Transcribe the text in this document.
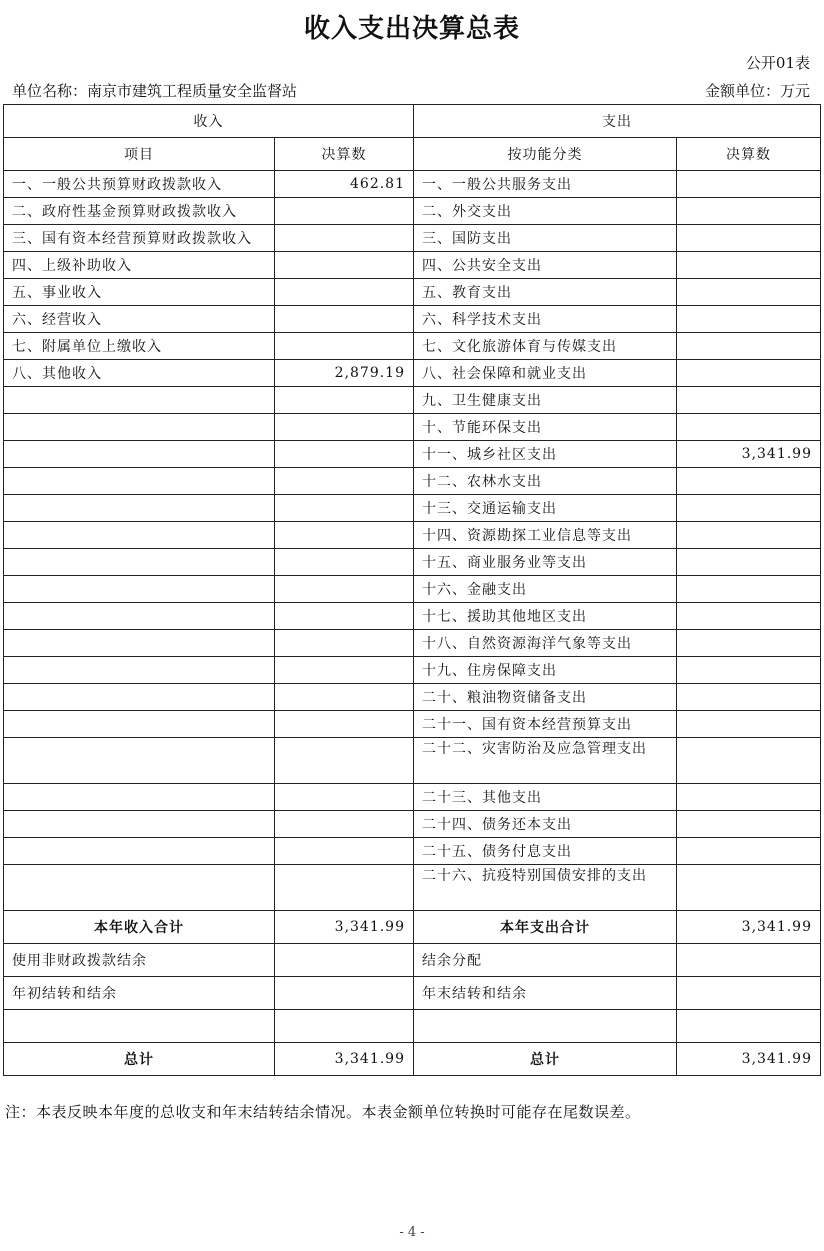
收入支出决算总表
公开01表
单位名称：南京市建筑工程质量安全监督站	金额单位：万元
收入		支出	
项目	决算数	按功能分类	决算数
一、一般公共预算财政拨款收入	462.81	一、一般公共服务支出	
二、政府性基金预算财政拨款收入		二、外交支出	
三、国有资本经营预算财政拨款收入		三、国防支出	
四、上级补助收入		四、公共安全支出	
五、事业收入		五、教育支出	
六、经营收入		六、科学技术支出	
七、附属单位上缴收入		七、文化旅游体育与传媒支出	
八、其他收入	2,879.19	八、社会保障和就业支出	
		九、卫生健康支出	
		十、节能环保支出	
		十一、城乡社区支出	3,341.99
		十二、农林水支出	
		十三、交通运输支出	
		十四、资源勘探工业信息等支出	
		十五、商业服务业等支出	
		十六、金融支出	
		十七、援助其他地区支出	
		十八、自然资源海洋气象等支出	
		十九、住房保障支出	
		二十、粮油物资储备支出	
		二十一、国有资本经营预算支出	
		二十二、灾害防治及应急管理支出	
		二十三、其他支出	
		二十四、债务还本支出	
		二十五、债务付息支出	
		二十六、抗疫特别国债安排的支出	
本年收入合计	3,341.99	本年支出合计	3,341.99
使用非财政拨款结余		结余分配	
年初结转和结余		年末结转和结余	

总计	3,341.99	总计	3,341.99
注：本表反映本年度的总收支和年末结转结余情况。本表金额单位转换时可能存在尾数误差。
- 4 -
